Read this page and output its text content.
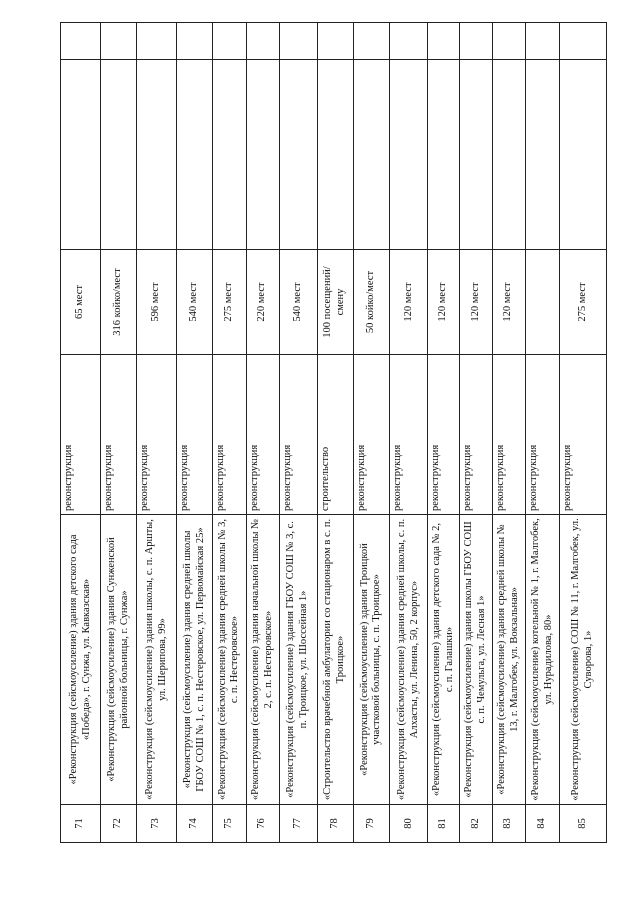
71	«Реконструкция (сейсмоусиление) здания детского сада «Победа», г. Сунжа, ул. Кавказская»	реконструкция	65 мест		
72	«Реконструкция (сейсмоусиление) здания Сунженской районной больницы, г. Сунжа»	реконструкция	316 койко/мест		
73	«Реконструкция (сейсмоусиление) здания школы, с. п. Аршты, ул. Шерипова, 99»	реконструкция	596 мест		
74	«Реконструкция (сейсмоусиление) здания средней школы ГБОУ СОШ № 1, с. п. Нестеровское, ул. Первомайская 25»	реконструкция	540 мест		
75	«Реконструкция (сейсмоусиление) здания средней школы № 3, с. п. Нестеровское»	реконструкция	275 мест		
76	«Реконструкция (сейсмоусиление) здания начальной школы № 2, с. п. Нестеровское»	реконструкция	220 мест		
77	«Реконструкция (сейсмоусиление) здания ГБОУ СОШ № 3, с. п. Троицкое, ул. Шоссейная 1»	реконструкция	540 мест		
78	«Строительство врачебной амбулатории со стационаром в с. п. Троицкое»	строительство	100 посещений/смену		
79	«Реконструкция (сейсмоусиление) здания Троицкой участковой больницы, с. п. Троицкое»	реконструкция	50 койко/мест		
80	«Реконструкция (сейсмоусиление) здания средней школы, с. п. Алхасты, ул. Ленина, 50, 2 корпус»	реконструкция	120 мест		
81	«Реконструкция (сейсмоусиление) здания детского сада № 2, с. п. Галашки»	реконструкция	120 мест		
82	«Реконструкция (сейсмоусиление) здания школы ГБОУ СОШ с. п. Чемульга, ул. Лесная 1»	реконструкция	120 мест		
83	«Реконструкция (сейсмоусиление) здания средней школы № 13, г. Малгобек, ул. Вокзальная»	реконструкция	120 мест		
84	«Реконструкция (сейсмоусиление) котельной № 1, г. Малгобек, ул. Нурадилова, 80»	реконструкция			
85	«Реконструкция (сейсмоусиление) СОШ № 11, г. Малгобек, ул. Суворова, 1»	реконструкция	275 мест		
